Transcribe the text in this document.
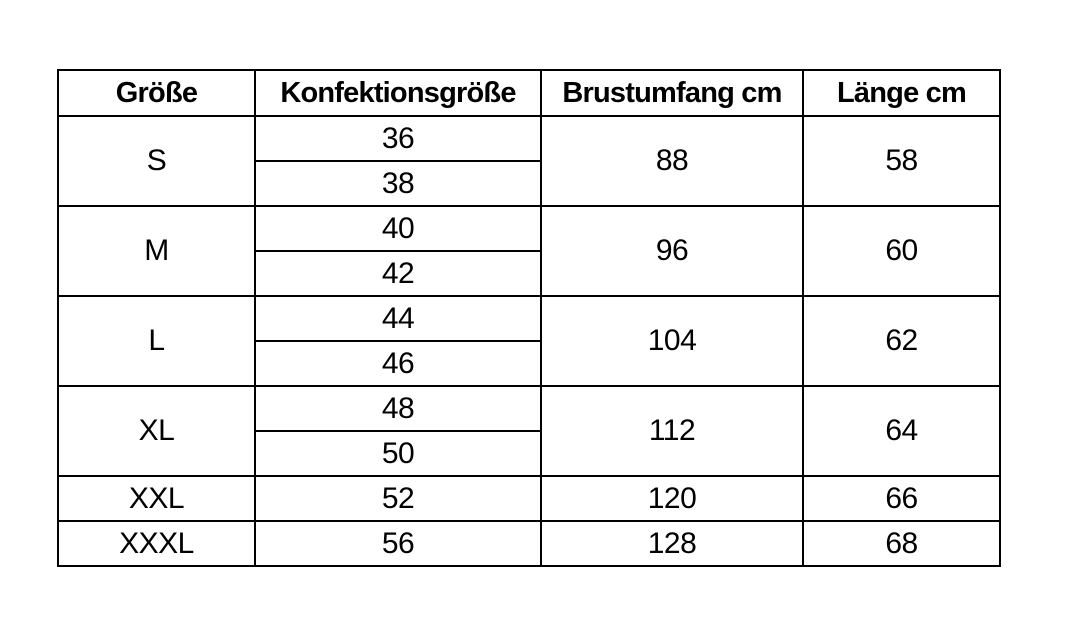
Größe	Konfektionsgröße	Brustumfang cm	Länge cm
S	36	88	58
	38		
M	40	96	60
	42		
L	44	104	62
	46		
XL	48	112	64
	50		
XXL	52	120	66
XXXL	56	128	68
